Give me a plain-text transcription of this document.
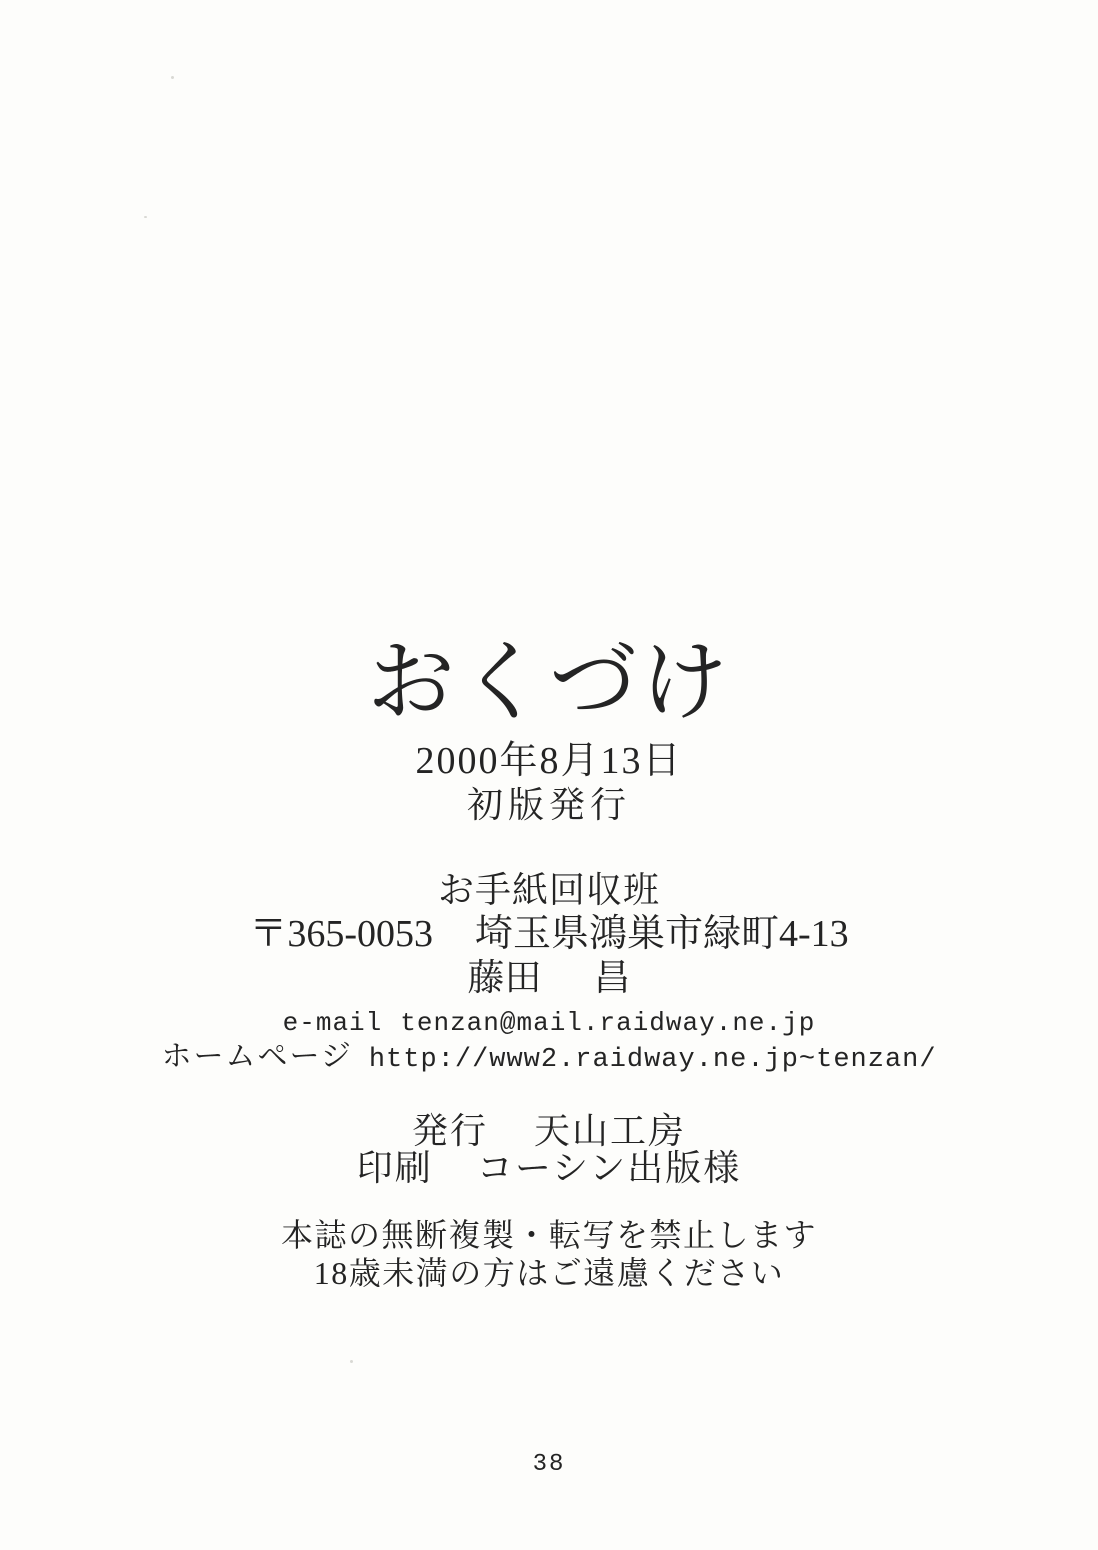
おくづけ
2000年8月13日
初版発行
お手紙回収班
〒365-0053 埼玉県鴻巣市緑町4-13
藤田 昌
e-mail tenzan@mail.raidway.ne.jp
ホームページ http://www2.raidway.ne.jp~tenzan/
発行 天山工房
印刷 コーシン出版様
本誌の無断複製・転写を禁止します
18歳未満の方はご遠慮ください
38
